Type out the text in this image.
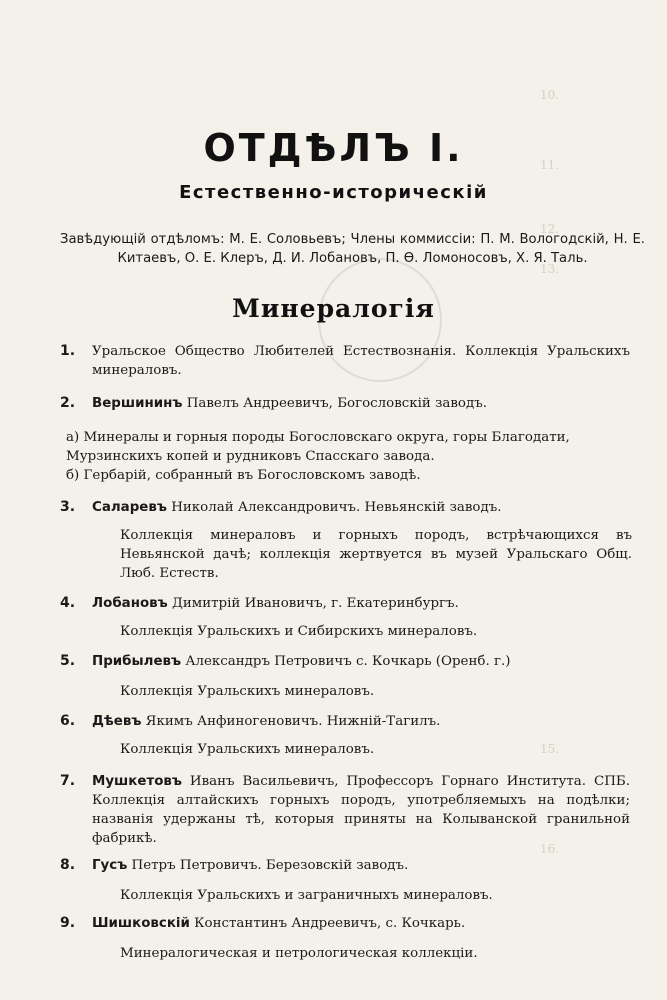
10.
11.
12.
13.
15.
16.
ОТДѢЛЪ I.
Естественно-историческій
Завѣдующій отдѣломъ: М. Е. Соловьевъ; Члены коммиссіи: П. М. Вологодскій, Н. Е. Китаевъ, О. Е. Клеръ, Д. И. Лобановъ, П. Ѳ. Ломоносовъ, Х. Я. Таль.
Минералогія
1. Уральское Общество Любителей Естествознанія. Коллекція Уральскихъ минераловъ.
2. Вершининъ Павелъ Андреевичъ, Богословскій заводъ.
а) Минералы и горныя породы Богословскаго округа, горы Благодати, Мурзинскихъ копей и рудниковъ Спасскаго завода.
б) Гербарій, собранный въ Богословскомъ заводѣ.
3. Саларевъ Николай Александровичъ. Невьянскій заводъ.
Коллекція минераловъ и горныхъ породъ, встрѣчающихся въ Невьянской дачѣ; коллекція жертвуется въ музей Уральскаго Общ. Люб. Естеств.
4. Лобановъ Димитрій Ивановичъ, г. Екатеринбургъ.
Коллекція Уральскихъ и Сибирскихъ минераловъ.
5. Прибылевъ Александръ Петровичъ с. Кочкарь (Оренб. г.)
Коллекція Уральскихъ минераловъ.
6. Дѣевъ Якимъ Анфиногеновичъ. Нижній-Тагилъ.
Коллекція Уральскихъ минераловъ.
7. Мушкетовъ Иванъ Васильевичъ, Профессоръ Горнаго Института. СПБ. Коллекція алтайскихъ горныхъ породъ, употребляемыхъ на подѣлки; названія удержаны тѣ, которыя приняты на Колыванской гранильной фабрикѣ.
8. Гусъ Петръ Петровичъ. Березовскій заводъ.
Коллекція Уральскихъ и заграничныхъ минераловъ.
9. Шишковскій Константинъ Андреевичъ, с. Кочкарь.
Минералогическая и петрологическая коллекціи.
